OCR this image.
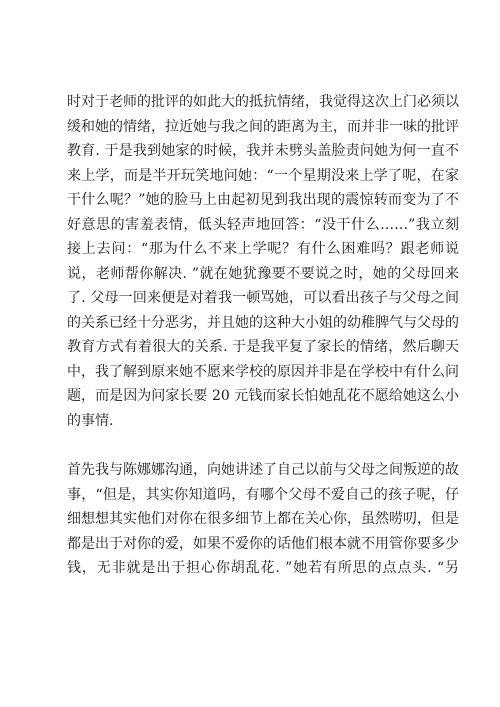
时对于老师的批评的如此大的抵抗情绪，我觉得这次上门必须以
缓和她的情绪，拉近她与我之间的距离为主，而并非一味的批评
教育. 于是我到她家的时候，我并未劈头盖脸责问她为何一直不
来上学，而是半开玩笑地问她：“一个星期没来上学了呢，在家
干什么呢？”她的脸马上由起初见到我出现的震惊转而变为了不
好意思的害羞表情，低头轻声地回答：“没干什么……”我立刻
接上去问：“那为什么不来上学呢？有什么困难吗？跟老师说
说，老师帮你解决. ”就在她犹豫要不要说之时，她的父母回来
了. 父母一回来便是对着我一顿骂她，可以看出孩子与父母之间
的关系已经十分恶劣，并且她的这种大小姐的幼稚脾气与父母的
教育方式有着很大的关系. 于是我平复了家长的情绪，然后聊天
中，我了解到原来她不愿来学校的原因并非是在学校中有什么问
题，而是因为问家长要 20 元钱而家长怕她乱花不愿给她这么小
的事情.
首先我与陈娜娜沟通，向她讲述了自己以前与父母之间叛逆的故
事，“但是，其实你知道吗，有哪个父母不爱自己的孩子呢，仔
细想想其实他们对你在很多细节上都在关心你，虽然唠叨，但是
都是出于对你的爱，如果不爱你的话他们根本就不用管你要多少
钱，无非就是出于担心你胡乱花. ”她若有所思的点点头. “另
